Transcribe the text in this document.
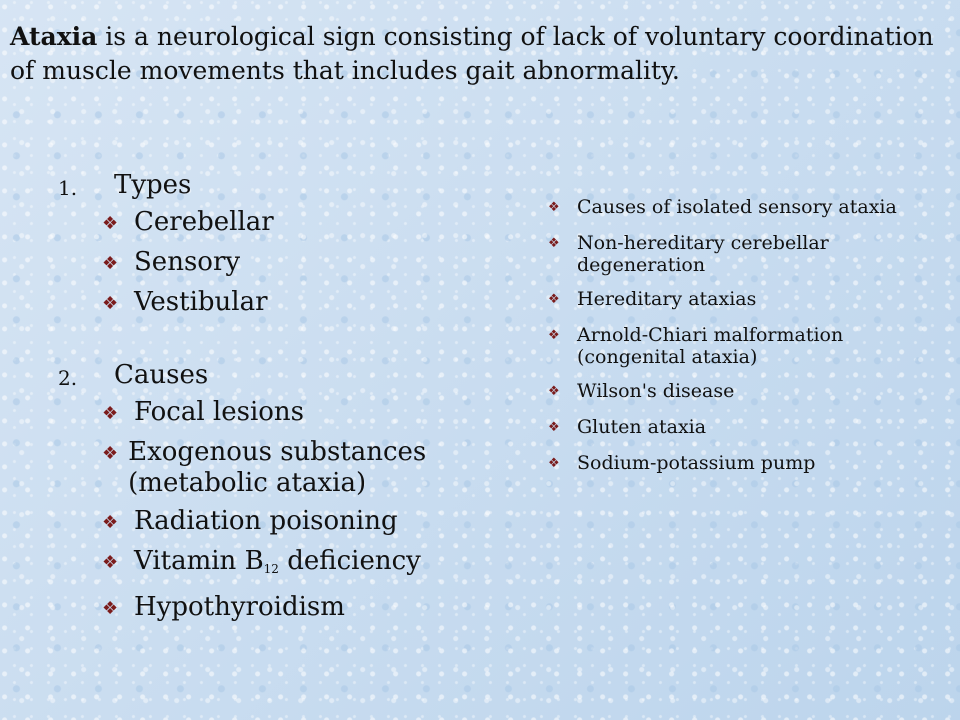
Ataxia is a neurological sign consisting of lack of voluntary coordination of muscle movements that includes gait abnormality.

1.	Types
❖ Cerebellar
❖ Sensory
❖ Vestibular
2.	Causes
❖ Focal lesions
❖ Exogenous substances (metabolic ataxia)
❖ Radiation poisoning
❖ Vitamin $B_{12}$ deficiency
❖ Hypothyroidism
❖ Causes of isolated sensory ataxia
❖ Non-hereditary cerebellar degeneration
❖ Hereditary ataxias
❖ Arnold-Chiari malformation (congenital ataxia)
❖ Wilson's disease
❖ Gluten ataxia
❖ Sodium-potassium pump
